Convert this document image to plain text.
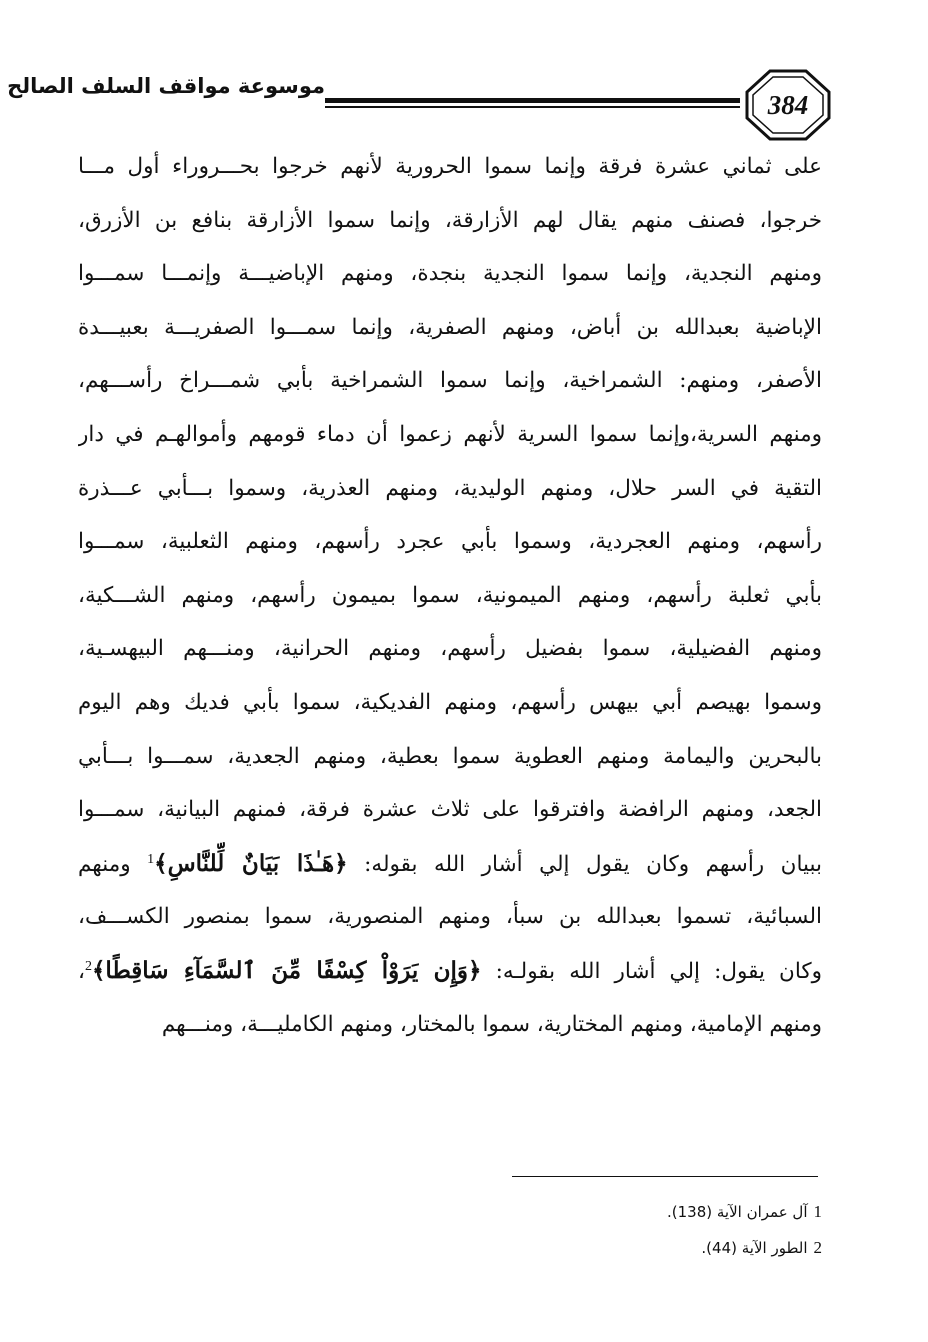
384
موسوعة مواقف السلف الصالح
على ثماني عشرة فرقة وإنما سموا الحرورية لأنهم خرجوا بحـــروراء أول مـــا
خرجوا، فصنف منهم يقال لهم الأزارقة، وإنما سموا الأزارقة بنافع بن الأزرق،
ومنهم النجدية، وإنما سموا النجدية بنجدة، ومنهم الإباضيـــة وإنمـــا سمـــوا
الإباضية بعبدالله بن أباض، ومنهم الصفرية، وإنما سمـــوا الصفريـــة بعبيـــدة
الأصفر، ومنهم: الشمراخية، وإنما سموا الشمراخية بأبي شمـــراخ رأســـهم،
ومنهم السرية،وإنما سموا السرية لأنهم زعموا أن دماء قومهم وأموالهـم في دار
التقية في السر حلال، ومنهم الوليدية، ومنهم العذرية، وسموا بـــأبي عـــذرة
رأسهم، ومنهم العجردية، وسموا بأبي عجرد رأسهم، ومنهم الثعلبية، سمـــوا
بأبي ثعلبة رأسهم، ومنهم الميمونية، سموا بميمون رأسهم، ومنهم الشـــكية،
ومنهم الفضيلية، سموا بفضيل رأسهم، ومنهم الحرانية، ومنـــهم البيهسـية،
وسموا بهيصم أبي بيهس رأسهم، ومنهم الفديكية، سموا بأبي فديك وهم اليوم
بالبحرين واليمامة ومنهم العطوية سموا بعطية، ومنهم الجعدية، سمـــوا بـــأبي
الجعد، ومنهم الرافضة وافترقوا على ثلاث عشرة فرقة، فمنهم البيانية، سمـــوا
ببيان رأسهم وكان يقول إلي أشار الله بقوله: ﴿هَـٰذَا بَيَانٌ لِّلنَّاسِ﴾$^1$ ومنهم
السبائية، تسموا بعبدالله بن سبأ، ومنهم المنصورية، سموا بمنصور الكســـف،
وكان يقول: إلي أشار الله بقولـه: ﴿وَإِن يَرَوْاْ كِسْفًا مِّنَ ٱلسَّمَآءِ سَاقِطًا﴾$^2$،
ومنهم الإمامية، ومنهم المختارية، سموا بالمختار، ومنهم الكامليـــة، ومنـــهم
1آل عمران الآية (138).
2الطور الآية (44).
